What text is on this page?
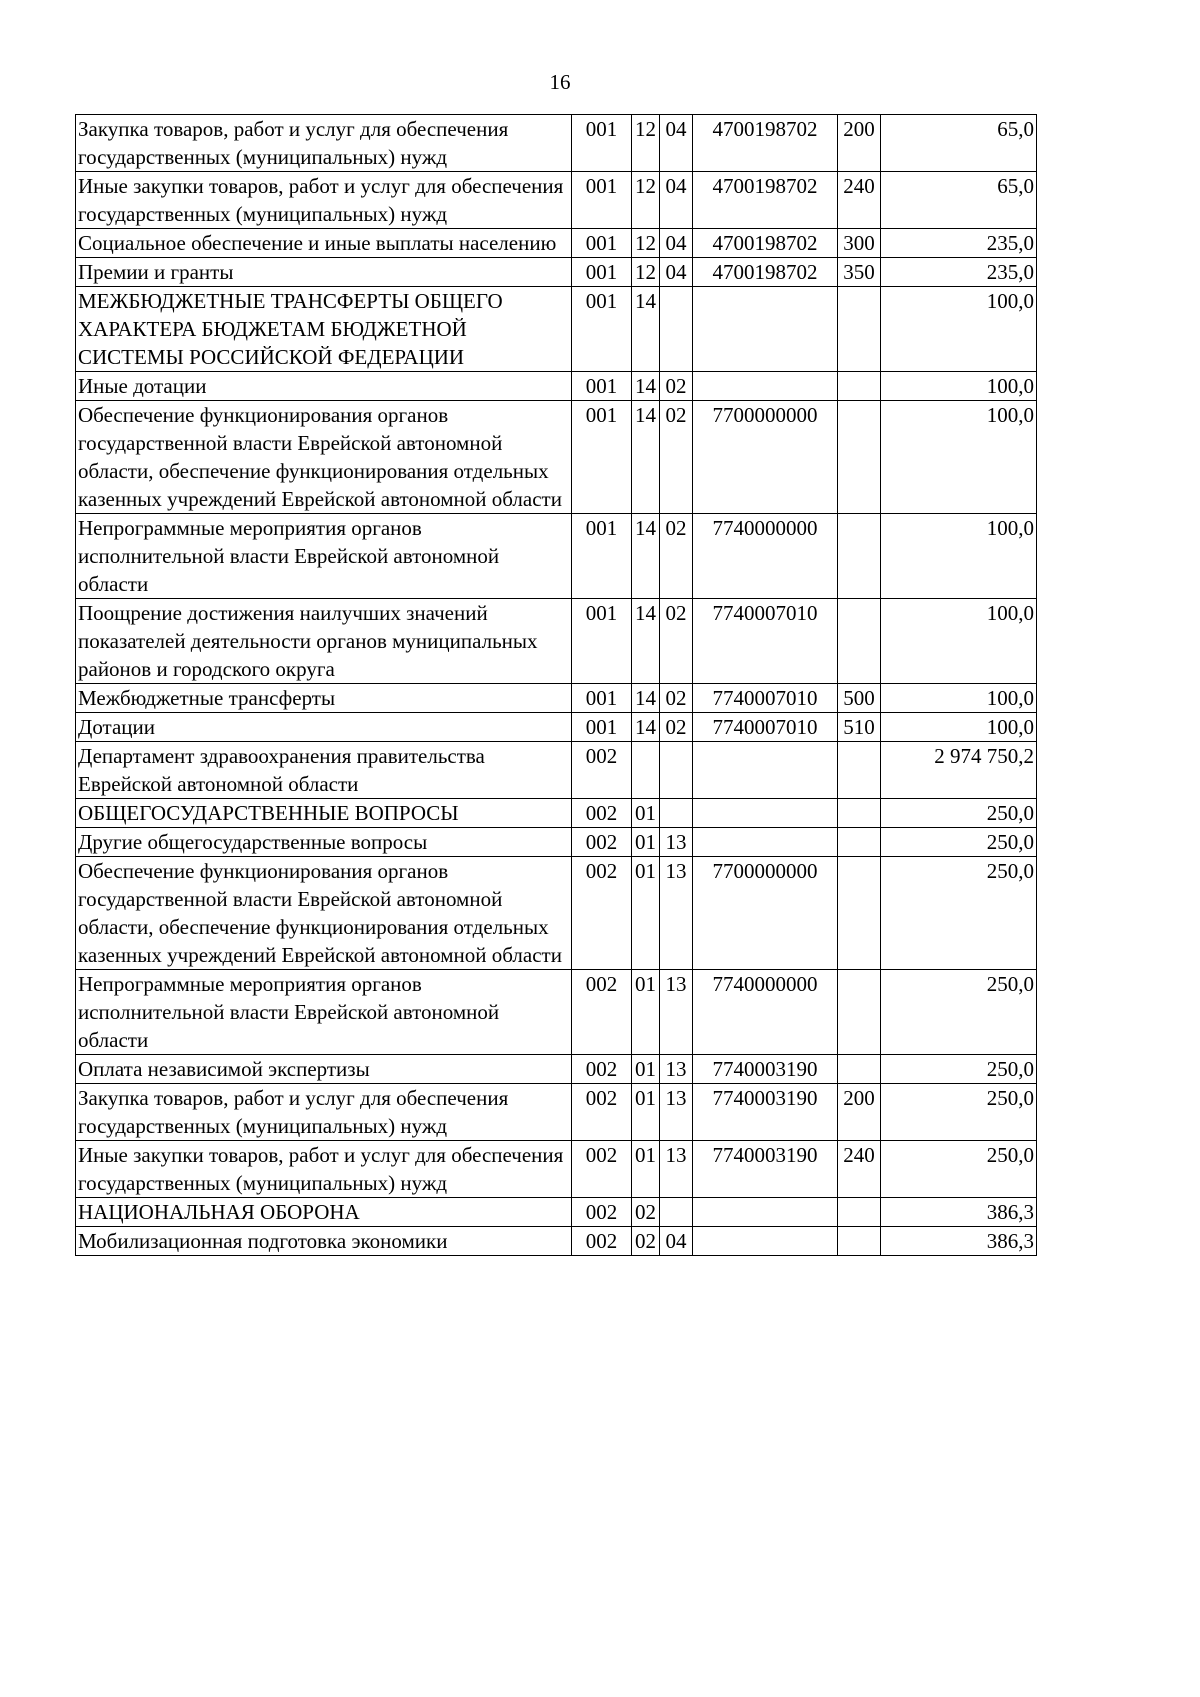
16
Закупка товаров, работ и услуг для обеспечения государственных (муниципальных) нужд	001	12	04	4700198702	200	65,0
Иные закупки товаров, работ и услуг для обеспечения государственных (муниципальных) нужд	001	12	04	4700198702	240	65,0
Социальное обеспечение и иные выплаты населению	001	12	04	4700198702	300	235,0
Премии и гранты	001	12	04	4700198702	350	235,0
МЕЖБЮДЖЕТНЫЕ ТРАНСФЕРТЫ ОБЩЕГО ХАРАКТЕРА БЮДЖЕТАМ БЮДЖЕТНОЙ СИСТЕМЫ РОССИЙСКОЙ ФЕДЕРАЦИИ	001	14				100,0
Иные дотации	001	14	02			100,0
Обеспечение функционирования органов государственной власти Еврейской автономной области, обеспечение функционирования отдельных казенных учреждений Еврейской автономной области	001	14	02	7700000000		100,0
Непрограммные мероприятия органов исполнительной власти Еврейской автономной области	001	14	02	7740000000		100,0
Поощрение достижения наилучших значений показателей деятельности органов муниципальных районов и городского округа	001	14	02	7740007010		100,0
Межбюджетные трансферты	001	14	02	7740007010	500	100,0
Дотации	001	14	02	7740007010	510	100,0
Департамент здравоохранения правительства Еврейской автономной области	002					2 974 750,2
ОБЩЕГОСУДАРСТВЕННЫЕ ВОПРОСЫ	002	01				250,0
Другие общегосударственные вопросы	002	01	13			250,0
Обеспечение функционирования органов государственной власти Еврейской автономной области, обеспечение функционирования отдельных казенных учреждений Еврейской автономной области	002	01	13	7700000000		250,0
Непрограммные мероприятия органов исполнительной власти Еврейской автономной области	002	01	13	7740000000		250,0
Оплата независимой экспертизы	002	01	13	7740003190		250,0
Закупка товаров, работ и услуг для обеспечения государственных (муниципальных) нужд	002	01	13	7740003190	200	250,0
Иные закупки товаров, работ и услуг для обеспечения государственных (муниципальных) нужд	002	01	13	7740003190	240	250,0
НАЦИОНАЛЬНАЯ ОБОРОНА	002	02				386,3
Мобилизационная подготовка экономики	002	02	04			386,3
